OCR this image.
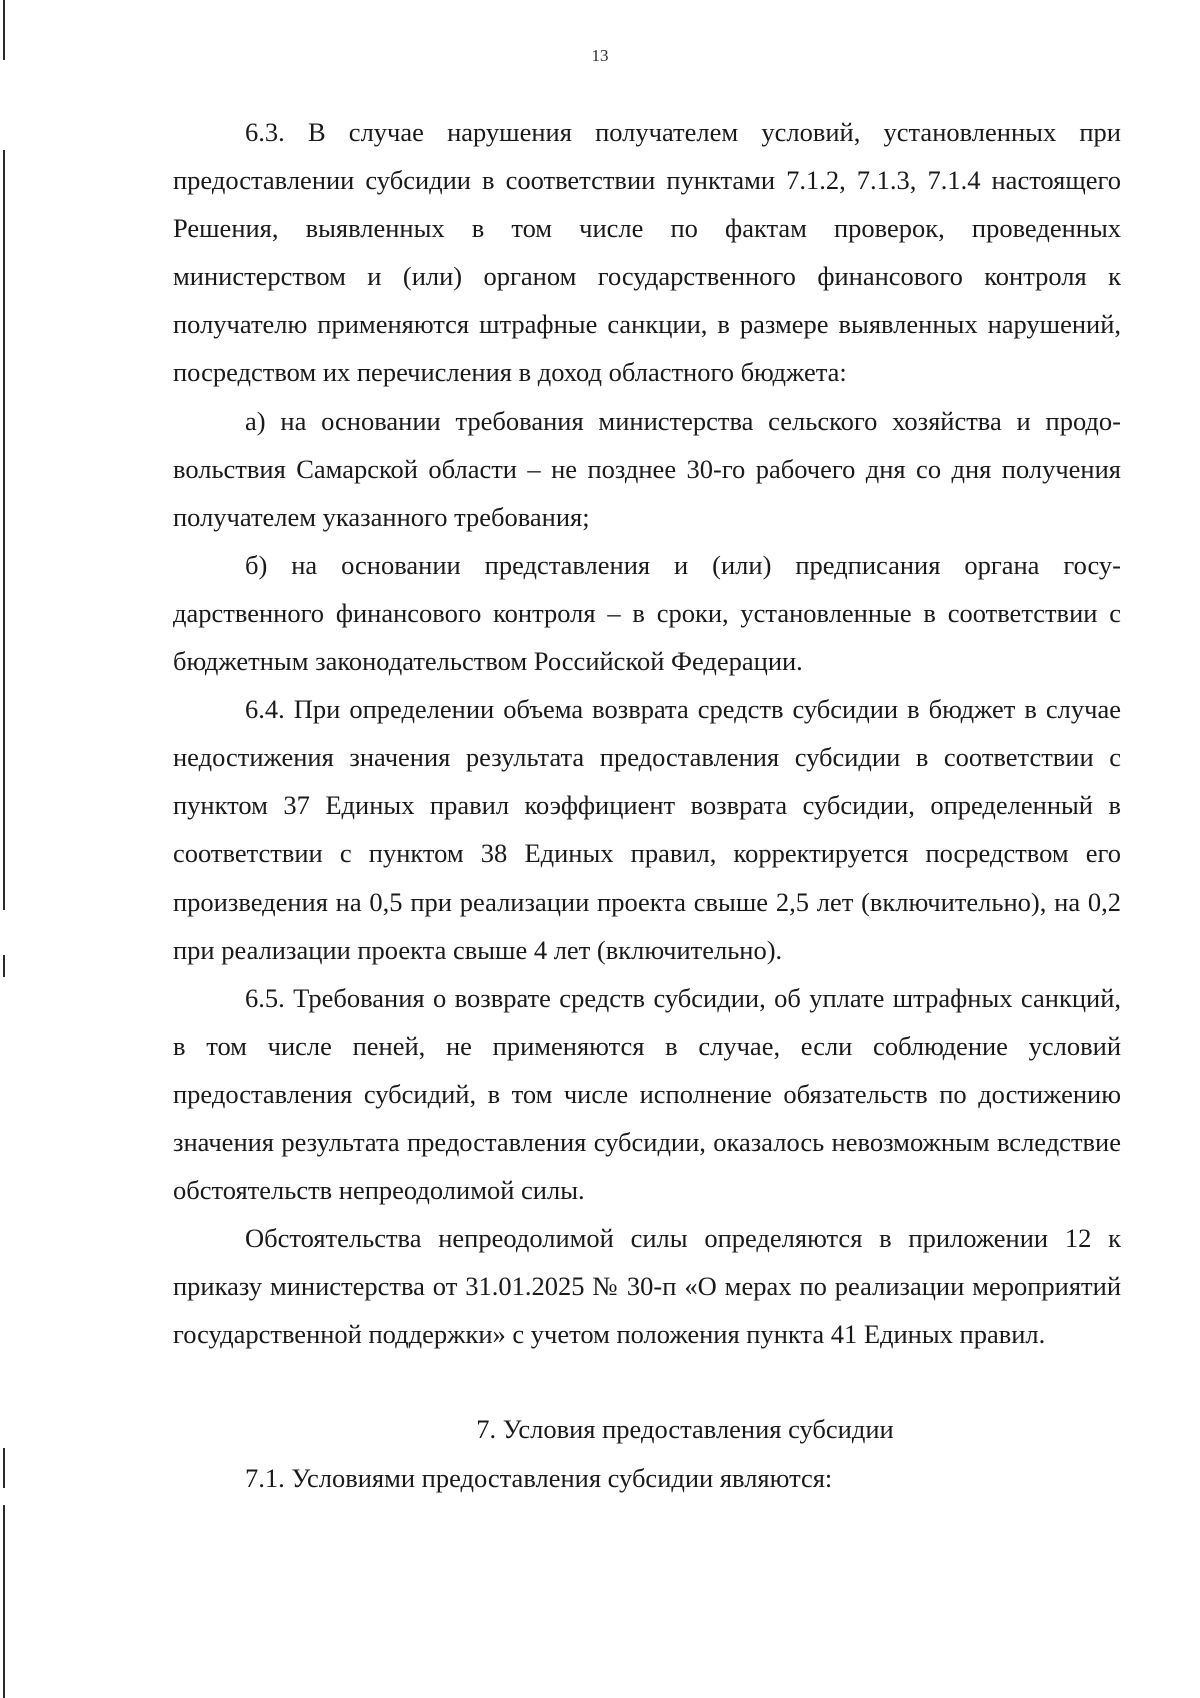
13

6.3. В случае нарушения получателем условий, установленных при предоставлении субсидии в соответствии пунктами 7.1.2, 7.1.3, 7.1.4 настоящего Решения, выявленных в том числе по фактам проверок, проведенных министерством и (или) органом государственного финансового контроля к получателю применяются штрафные санкции, в размере выявленных нарушений, посредством их перечисления в доход областного бюджета:

а) на основании требования министерства сельского хозяйства и продовольствия Самарской области – не позднее 30-го рабочего дня со дня получения получателем указанного требования;

б) на основании представления и (или) предписания органа государственного финансового контроля – в сроки, установленные в соответствии с бюджетным законодательством Российской Федерации.

6.4. При определении объема возврата средств субсидии в бюджет в случае недостижения значения результата предоставления субсидии в соответствии с пунктом 37 Единых правил коэффициент возврата субсидии, определенный в соответствии с пунктом 38 Единых правил, корректируется посредством его произведения на 0,5 при реализации проекта свыше 2,5 лет (включительно), на 0,2 при реализации проекта свыше 4 лет (включительно).

6.5. Требования о возврате средств субсидии, об уплате штрафных санкций, в том числе пеней, не применяются в случае, если соблюдение условий предоставления субсидий, в том числе исполнение обязательств по достижению значения результата предоставления субсидии, оказалось невозможным вследствие обстоятельств непреодолимой силы.

Обстоятельства непреодолимой силы определяются в приложении 12 к приказу министерства от 31.01.2025 № 30-п «О мерах по реализации мероприятий государственной поддержки» с учетом положения пункта 41 Единых правил.

7. Условия предоставления субсидии

7.1. Условиями предоставления субсидии являются:
